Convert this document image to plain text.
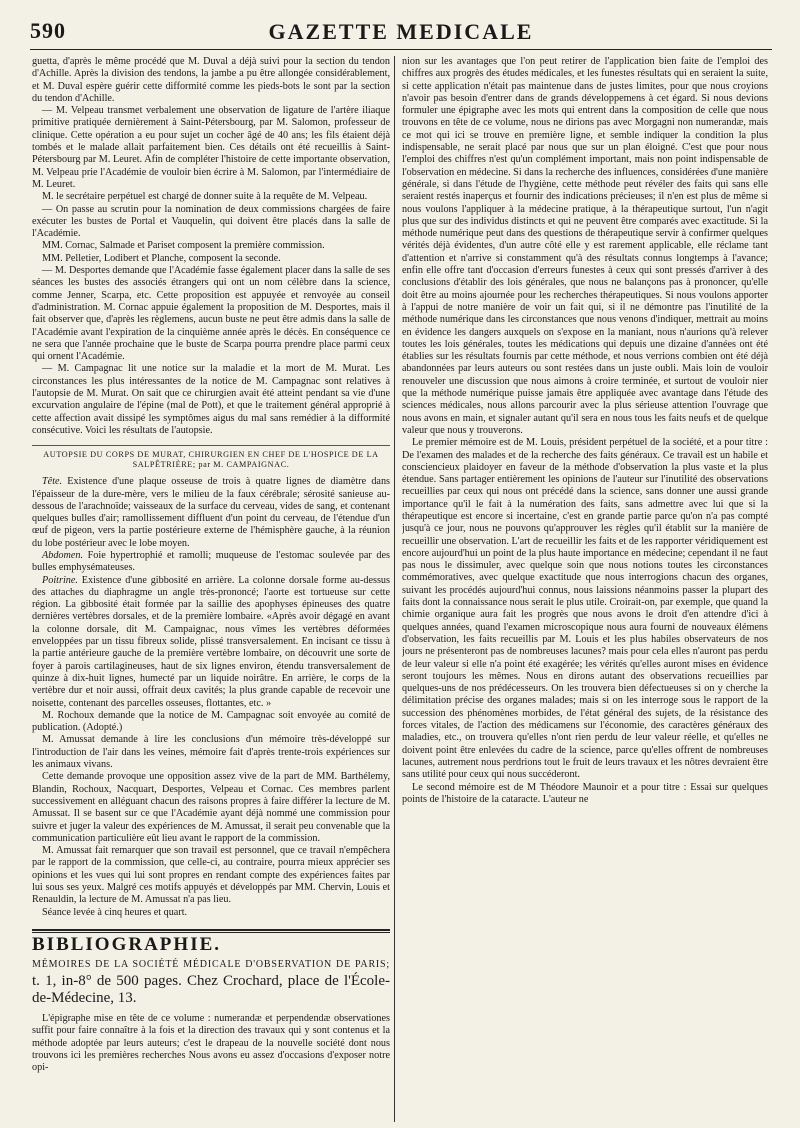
590	GAZETTE MEDICALE

guetta, d'après le même procédé que M. Duval a déjà suivi pour la section du tendon d'Achille. Après la division des tendons, la jambe a pu être allongée considérablement, et M. Duval espère guérir cette difformité comme les pieds-bots le sont par la section du tendon d'Achille.

— M. Velpeau transmet verbalement une observation de ligature de l'artère iliaque primitive pratiquée dernièrement à Saint-Pétersbourg, par M. Salomon, professeur de clinique. Cette opération a eu pour sujet un cocher âgé de 40 ans; les fils étaient déjà tombés et le malade allait parfaitement bien. Ces détails ont été recueillis à Saint-Pétersbourg par M. Leuret. Afin de compléter l'histoire de cette importante observation, M. Velpeau prie l'Académie de vouloir bien écrire à M. Salomon, par l'intermédiaire de M. Leuret.

M. le secrétaire perpétuel est chargé de donner suite à la requête de M. Velpeau.

— On passe au scrutin pour la nomination de deux commissions chargées de faire exécuter les bustes de Portal et Vauquelin, qui doivent être placés dans la salle de l'Académie.

MM. Cornac, Salmade et Pariset composent la première commission.

MM. Pelletier, Lodibert et Planche, composent la seconde.

— M. Desportes demande que l'Académie fasse également placer dans la salle de ses séances les bustes des associés étrangers qui ont un nom célèbre dans la science, comme Jenner, Scarpa, etc. Cette proposition est appuyée et renvoyée au conseil d'administration. M. Cornac appuie également la proposition de M. Desportes, mais il fait observer que, d'après les règlemens, aucun buste ne peut être admis dans la salle de l'Académie avant l'expiration de la cinquième année après le décès. En conséquence ce ne sera que l'année prochaine que le buste de Scarpa pourra prendre place parmi ceux qui ornent l'Académie.

— M. Campagnac lit une notice sur la maladie et la mort de M. Murat. Les circonstances les plus intéressantes de la notice de M. Campagnac sont relatives à l'autopsie de M. Murat. On sait que ce chirurgien avait été atteint pendant sa vie d'une excurvation angulaire de l'épine (mal de Pott), et que le traitement général approprié à cette affection avait dissipé les symptômes aigus du mal sans remédier à la difformité consécutive. Voici les résultats de l'autopsie.

AUTOPSIE DU CORPS DE MURAT, CHIRURGIEN EN CHEF DE L'HOSPICE DE LA SALPÊTRIÈRE; par M. CAMPAIGNAC.

Tête. Existence d'une plaque osseuse de trois à quatre lignes de diamètre dans l'épaisseur de la dure-mère, vers le milieu de la faux cérébrale; sérosité sanieuse au-dessous de l'arachnoïde; vaisseaux de la surface du cerveau, vides de sang, et contenant quelques bulles d'air; ramollissement diffluent d'un point du cerveau, de l'étendue d'un œuf de pigeon, vers la partie postérieure externe de l'hémisphère gauche, à la réunion du lobe postérieur avec le lobe moyen.

Abdomen. Foie hypertrophié et ramolli; muqueuse de l'estomac soulevée par des bulles emphysémateuses.

Poitrine. Existence d'une gibbosité en arrière. La colonne dorsale forme au-dessus des attaches du diaphragme un angle très-prononcé; l'aorte est tortueuse sur cette région. La gibbosité était formée par la saillie des apophyses épineuses des quatre dernières vertèbres dorsales, et de la première lombaire. «Après avoir dégagé en avant la colonne dorsale, dit M. Campaignac, nous vîmes les vertèbres déformées enveloppées par un tissu fibreux solide, plissé transversalement. En incisant ce tissu à la partie antérieure gauche de la première vertèbre lombaire, on découvrit une sorte de foyer à parois cartilagineuses, haut de six lignes environ, étendu transversalement de quinze à dix-huit lignes, humecté par un liquide noirâtre. En arrière, le corps de la vertèbre dur et noir aussi, offrait deux cavités; la plus grande capable de recevoir une noisette, contenant des parcelles osseuses, flottantes, etc. »

M. Rochoux demande que la notice de M. Campagnac soit envoyée au comité de publication. (Adopté.)

M. Amussat demande à lire les conclusions d'un mémoire très-développé sur l'introduction de l'air dans les veines, mémoire fait d'après trente-trois expériences sur les animaux vivans.

Cette demande provoque une opposition assez vive de la part de MM. Barthélemy, Blandin, Rochoux, Nacquart, Desportes, Velpeau et Cornac. Ces membres parlent successivement en alléguant chacun des raisons propres à faire différer la lecture de M. Amussat. Il se basent sur ce que l'Académie ayant déjà nommé une commission pour suivre et juger la valeur des expériences de M. Amussat, il serait peu convenable que la communication particulière eût lieu avant le rapport de la commission.

M. Amussat fait remarquer que son travail est personnel, que ce travail n'empêchera par le rapport de la commission, que celle-ci, au contraire, pourra mieux apprécier ses opinions et les vues qui lui sont propres en rendant compte des expériences faites par lui sous ses yeux. Malgré ces motifs appuyés et développés par MM. Chervin, Louis et Renauldin, la lecture de M. Amussat n'a pas lieu.

Séance levée à cinq heures et quart.

BIBLIOGRAPHIE.

MÉMOIRES DE LA SOCIÉTÉ MÉDICALE D'OBSERVATION DE PARIS; t. 1, in-8° de 500 pages. Chez Crochard, place de l'École-de-Médecine, 13.

L'épigraphe mise en tête de ce volume : numerandæ et perpendendæ observationes suffit pour faire connaître à la fois et la direction des travaux qui y sont contenus et la méthode adoptée par leurs auteurs; c'est le drapeau de la nouvelle société dont nous trouvons ici les premières recherches Nous avons eu assez d'occasions d'exposer notre opi-

nion sur les avantages que l'on peut retirer de l'application bien faite de l'emploi des chiffres aux progrès des études médicales, et les funestes résultats qui en seraient la suite, si cette application n'était pas maintenue dans de justes limites, pour que nous croyions n'avoir pas besoin d'entrer dans de grands développemens à cet égard. Si nous devions formuler une épigraphe avec les mots qui entrent dans la composition de celle que nous trouvons en tête de ce volume, nous ne dirions pas avec Morgagni non numerandæ, mais ce mot qui ici se trouve en première ligne, et semble indiquer la condition la plus indispensable, ne serait placé par nous que sur un plan éloigné. C'est que pour nous l'emploi des chiffres n'est qu'un complément important, mais non point indispensable de l'observation en médecine. Si dans la recherche des influences, considérées d'une manière générale, si dans l'étude de l'hygiène, cette méthode peut révéler des faits qui sans elle seraient restés inaperçus et fournir des indications précieuses; il n'en est plus de même si nous voulons l'appliquer à la médecine pratique, à la thérapeutique surtout, l'un n'agit plus que sur des individus distincts et qui ne peuvent être comparés avec exactitude. Si la méthode numérique peut dans des questions de thérapeutique servir à confirmer quelques vérités déjà évidentes, d'un autre côté elle y est rarement applicable, elle réclame tant d'attention et n'arrive si constamment qu'à des résultats connus longtemps à l'avance; enfin elle offre tant d'occasion d'erreurs funestes à ceux qui sont pressés d'arriver à des conclusions d'établir des lois générales, que nous ne balançons pas à prononcer, qu'elle doit être au moins ajournée pour les recherches thérapeutiques. Si nous voulons apporter à l'appui de notre manière de voir un fait qui, si il ne démontre pas l'inutilité de la méthode numérique dans les circonstances que nous venons d'indiquer, mettrait au moins en évidence les dangers auxquels on s'expose en la maniant, nous n'aurions qu'à relever toutes les lois générales, toutes les médications qui depuis une dizaine d'années ont été établies sur les résultats fournis par cette méthode, et nous verrions combien ont été déjà abandonnées par leurs auteurs ou sont restées dans un juste oubli. Mais loin de vouloir renouveler une discussion que nous aimons à croire terminée, et surtout de vouloir nier que la méthode numérique puisse jamais être appliquée avec avantage dans l'étude des sciences médicales, nous allons parcourir avec la plus sérieuse attention l'ouvrage que nous avons en main, et signaler autant qu'il sera en nous tous les faits neufs et de quelque valeur que nous y trouverons.

Le premier mémoire est de M. Louis, président perpétuel de la société, et a pour titre : De l'examen des malades et de la recherche des faits généraux. Ce travail est un habile et consciencieux plaidoyer en faveur de la méthode d'observation la plus vaste et la plus étendue. Sans partager entièrement les opinions de l'auteur sur l'inutilité des observations recueillies par ceux qui nous ont précédé dans la science, sans donner une aussi grande importance qu'il le fait à la numération des faits, sans admettre avec lui que si la thérapeutique est encore si incertaine, c'est en grande partie parce qu'on n'a pas compté jusqu'à ce jour, nous ne pouvons qu'approuver les règles qu'il établit sur la manière de recueillir une observation. L'art de recueillir les faits et de les rapporter véridiquement est encore aujourd'hui un point de la plus haute importance en médecine; cependant il ne faut pas nous le dissimuler, avec quelque soin que nous notions toutes les circonstances commémoratives, avec quelque exactitude que nous interrogions chacun des organes, suivant les procédés aujourd'hui connus, nous laissions néanmoins passer la plupart des faits dont la connaissance nous serait le plus utile. Croirait-on, par exemple, que quand la chimie organique aura fait les progrès que nous avons le droit d'en attendre d'ici à quelques années, quand l'examen microscopique nous aura fourni de nouveaux élémens d'observation, les faits recueillis par M. Louis et les plus habiles observateurs de nos jours ne présenteront pas de nombreuses lacunes? mais pour cela elles n'auront pas perdu de leur valeur si elle n'a point été exagérée; les vérités qu'elles auront mises en évidence seront toujours les mêmes. Nous en dirons autant des observations recueillies par quelques-uns de nos prédécesseurs. On les trouvera bien défectueuses si on y cherche la délimitation précise des organes malades; mais si on les interroge sous le rapport de la succession des phénomènes morbides, de l'état général des sujets, de la résistance des forces vitales, de l'action des médicamens sur l'économie, des caractères généraux des maladies, etc., on trouvera qu'elles n'ont rien perdu de leur valeur réelle, et qu'elles ne doivent point être enlevées du cadre de la science, parce qu'elles offrent de nombreuses lacunes, autrement nous perdrions tout le fruit de leurs travaux et les nôtres devraient être sans utilité pour ceux qui nous succéderont.

Le second mémoire est de M Théodore Maunoir et a pour titre : Essai sur quelques points de l'histoire de la cataracte. L'auteur ne
